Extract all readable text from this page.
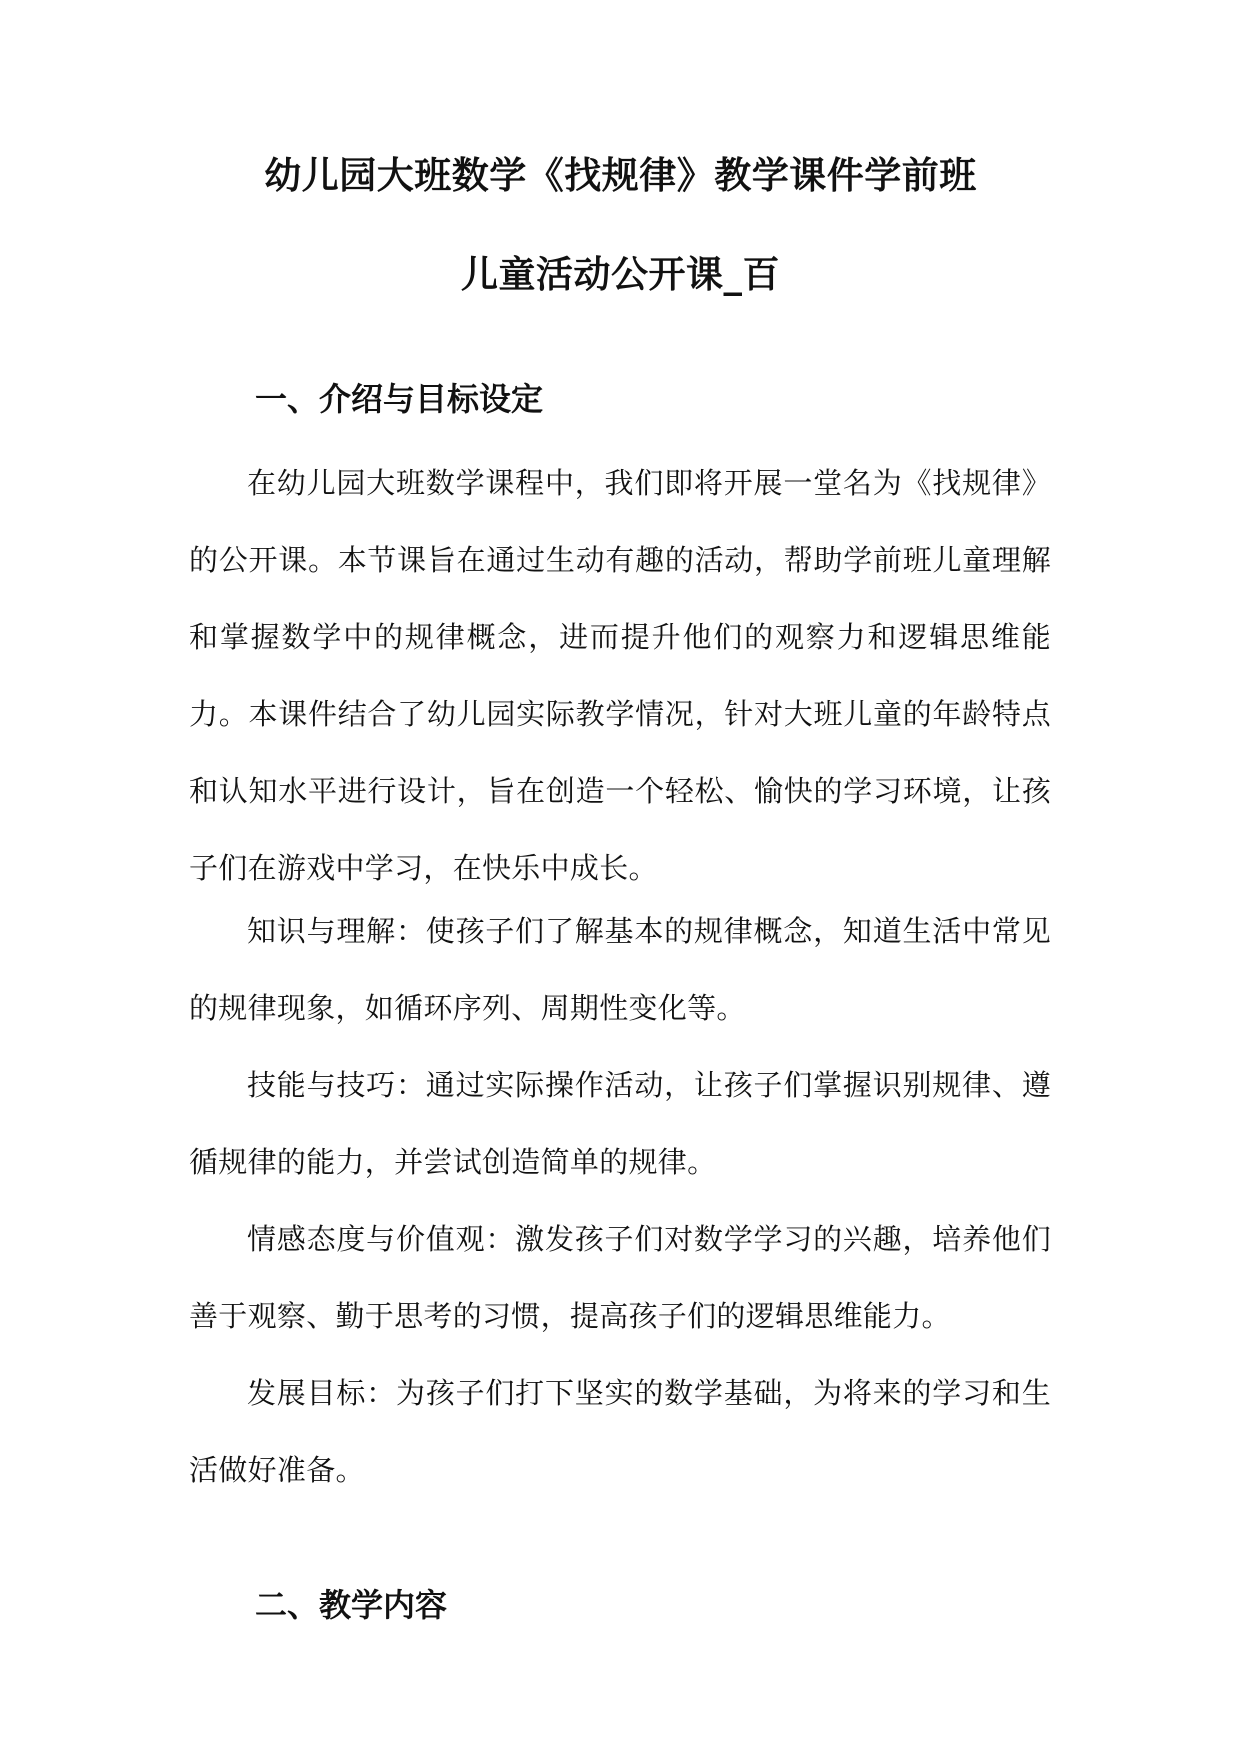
幼儿园大班数学《找规律》教学课件学前班
儿童活动公开课_百
一、介绍与目标设定
在幼儿园大班数学课程中，我们即将开展一堂名为《找规律》的公开课。本节课旨在通过生动有趣的活动，帮助学前班儿童理解和掌握数学中的规律概念，进而提升他们的观察力和逻辑思维能力。本课件结合了幼儿园实际教学情况，针对大班儿童的年龄特点和认知水平进行设计，旨在创造一个轻松、愉快的学习环境，让孩子们在游戏中学习，在快乐中成长。
知识与理解：使孩子们了解基本的规律概念，知道生活中常见的规律现象，如循环序列、周期性变化等。
技能与技巧：通过实际操作活动，让孩子们掌握识别规律、遵循规律的能力，并尝试创造简单的规律。
情感态度与价值观：激发孩子们对数学学习的兴趣，培养他们善于观察、勤于思考的习惯，提高孩子们的逻辑思维能力。
发展目标：为孩子们打下坚实的数学基础，为将来的学习和生活做好准备。
二、教学内容
